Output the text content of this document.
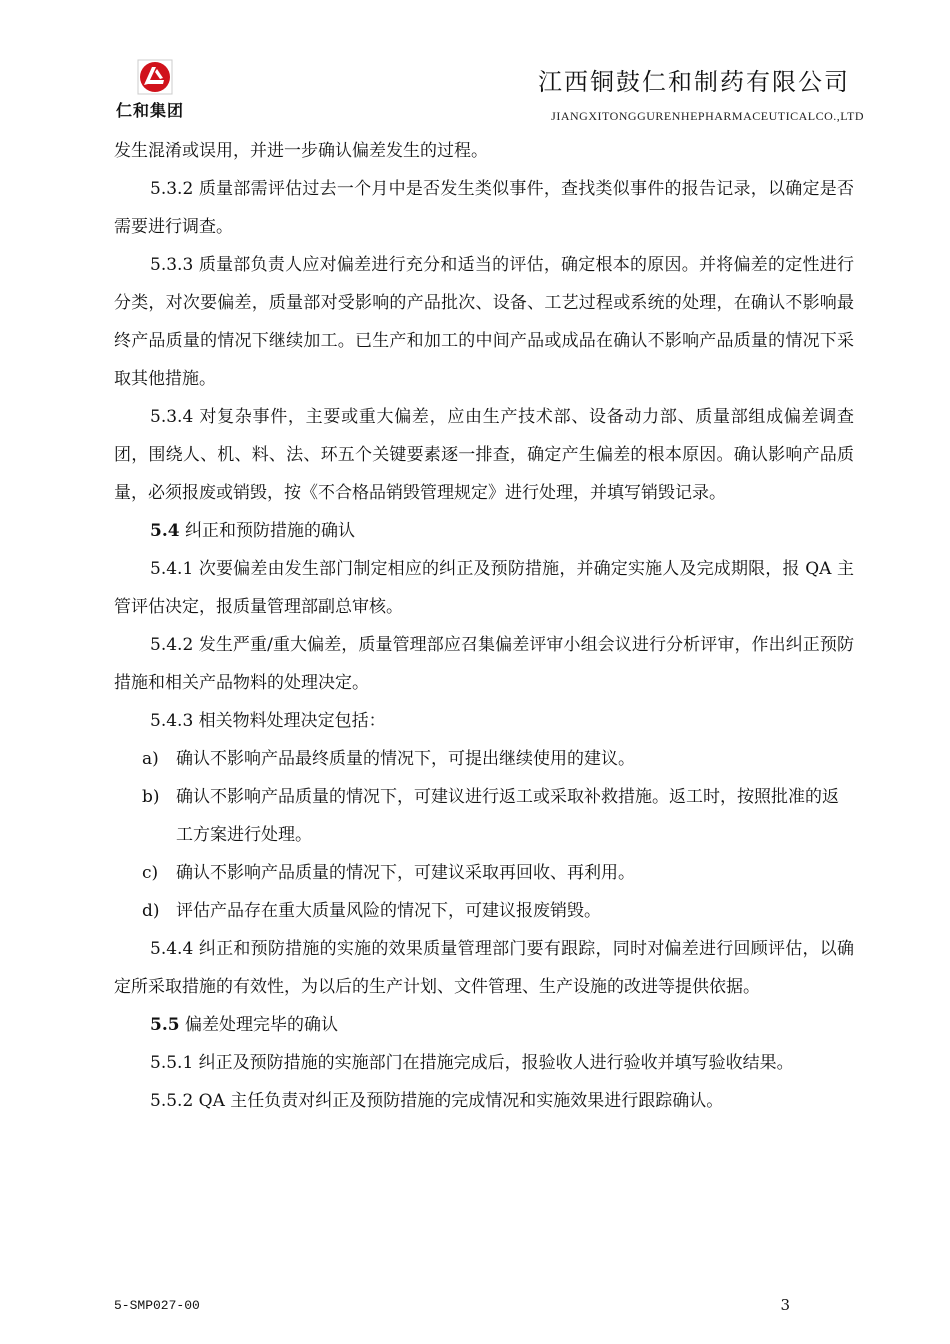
仁和集团
江西铜鼓仁和制药有限公司
JIANGXITONGGURENHEPHARMACEUTICALCO.,LTD

发生混淆或误用，并进一步确认偏差发生的过程。

5.3.2 质量部需评估过去一个月中是否发生类似事件，查找类似事件的报告记录，以确定是否需要进行调查。

5.3.3 质量部负责人应对偏差进行充分和适当的评估，确定根本的原因。并将偏差的定性进行分类，对次要偏差，质量部对受影响的产品批次、设备、工艺过程或系统的处理，在确认不影响最终产品质量的情况下继续加工。已生产和加工的中间产品或成品在确认不影响产品质量的情况下采取其他措施。

5.3.4 对复杂事件，主要或重大偏差，应由生产技术部、设备动力部、质量部组成偏差调查团，围绕人、机、料、法、环五个关键要素逐一排查，确定产生偏差的根本原因。确认影响产品质量，必须报废或销毁，按《不合格品销毁管理规定》进行处理，并填写销毁记录。

5.4 纠正和预防措施的确认

5.4.1 次要偏差由发生部门制定相应的纠正及预防措施，并确定实施人及完成期限，报 QA 主管评估决定，报质量管理部副总审核。

5.4.2 发生严重/重大偏差，质量管理部应召集偏差评审小组会议进行分析评审，作出纠正预防措施和相关产品物料的处理决定。

5.4.3 相关物料处理决定包括：

a)	确认不影响产品最终质量的情况下，可提出继续使用的建议。
b) 确认不影响产品质量的情况下，可建议进行返工或采取补救措施。返工时，按照批准的返工方案进行处理。
c)	确认不影响产品质量的情况下，可建议采取再回收、再利用。
d) 评估产品存在重大质量风险的情况下，可建议报废销毁。

5.4.4 纠正和预防措施的实施的效果质量管理部门要有跟踪，同时对偏差进行回顾评估，以确定所采取措施的有效性，为以后的生产计划、文件管理、生产设施的改进等提供依据。

5.5 偏差处理完毕的确认

5.5.1 纠正及预防措施的实施部门在措施完成后，报验收人进行验收并填写验收结果。

5.5.2 QA 主任负责对纠正及预防措施的完成情况和实施效果进行跟踪确认。

5-SMP027-00	3
